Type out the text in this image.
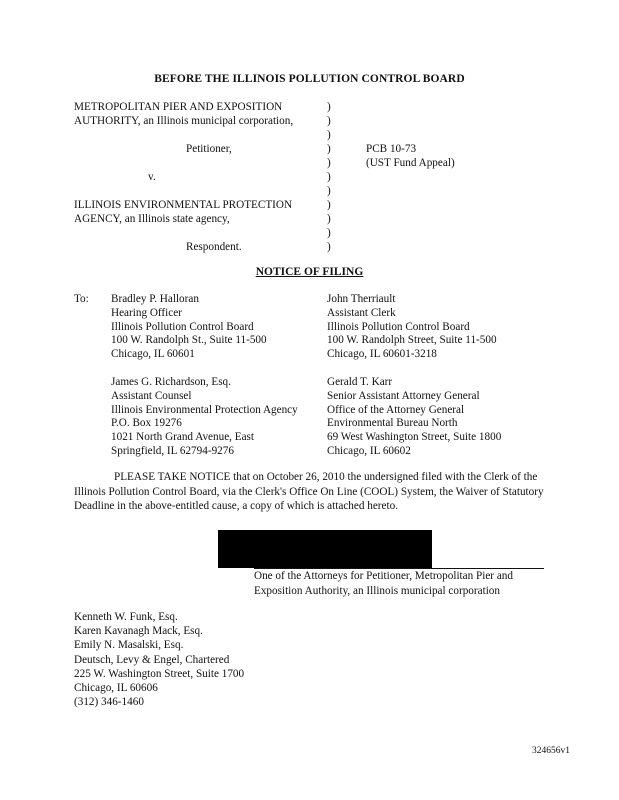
BEFORE THE ILLINOIS POLLUTION CONTROL BOARD
METROPOLITAN PIER AND EXPOSITION
AUTHORITY, an Illinois municipal corporation,
Petitioner,
v.
ILLINOIS ENVIRONMENTAL PROTECTION
AGENCY, an Illinois state agency,
Respondent.
)
)
)
)
)
)
)
)
)
)
)
PCB 10-73
(UST Fund Appeal)
NOTICE OF FILING
To: Bradley P. Halloran
Hearing Officer
Illinois Pollution Control Board
100 W. Randolph St., Suite 11-500
Chicago, IL 60601
John Therriault
Assistant Clerk
Illinois Pollution Control Board
100 W. Randolph Street, Suite 11-500
Chicago, IL 60601-3218
James G. Richardson, Esq.
Assistant Counsel
Illinois Environmental Protection Agency
P.O. Box 19276
1021 North Grand Avenue, East
Springfield, IL 62794-9276
Gerald T. Karr
Senior Assistant Attorney General
Office of the Attorney General
Environmental Bureau North
69 West Washington Street, Suite 1800
Chicago, IL 60602

PLEASE TAKE NOTICE that on October 26, 2010 the undersigned filed with the Clerk of the Illinois Pollution Control Board, via the Clerk's Office On Line (COOL) System, the Waiver of Statutory Deadline in the above-entitled cause, a copy of which is attached hereto.

One of the Attorneys for Petitioner, Metropolitan Pier and Exposition Authority, an Illinois municipal corporation
Kenneth W. Funk, Esq.
Karen Kavanagh Mack, Esq.
Emily N. Masalski, Esq.
Deutsch, Levy & Engel, Chartered
225 W. Washington Street, Suite 1700
Chicago, IL 60606
(312) 346-1460
324656v1
